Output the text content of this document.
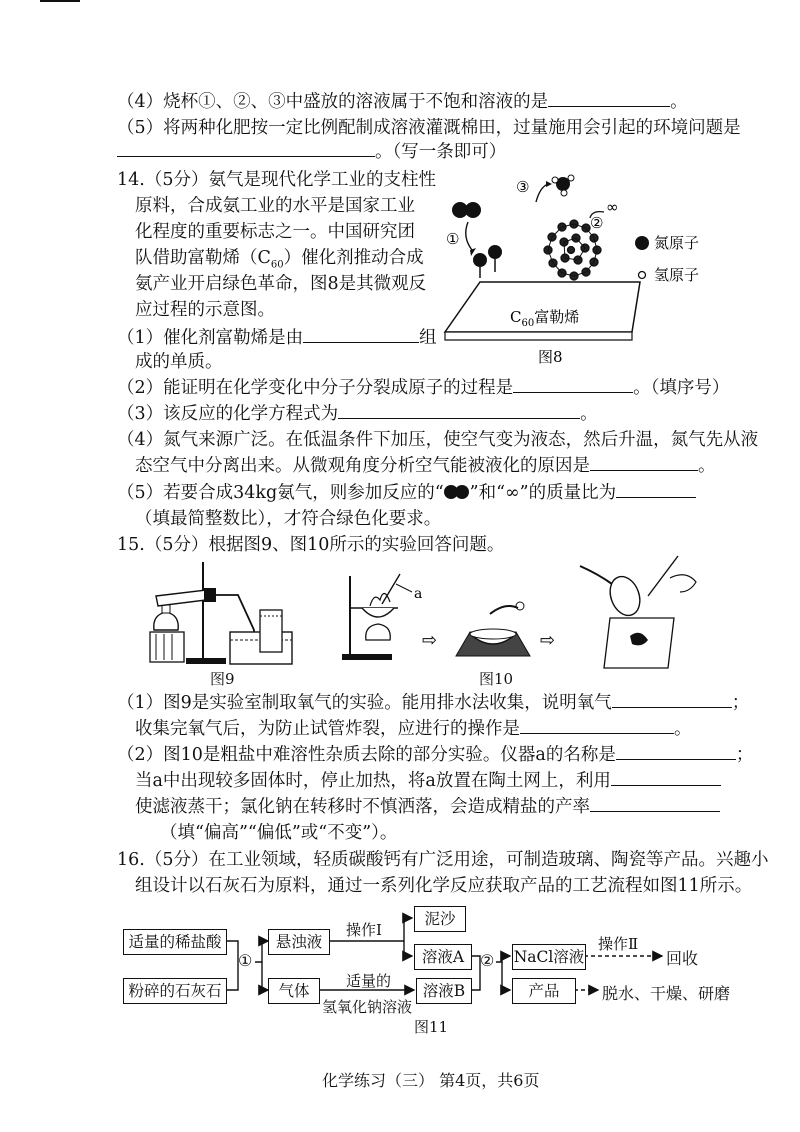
（4）烧杯①、②、③中盛放的溶液属于不饱和溶液的是	。
（5）将两种化肥按一定比例配制成溶液灌溉棉田，过量施用会引起的环境问题是
。（写一条即可）
14.（5分）氨气是现代化学工业的支柱性
原料，合成氨工业的水平是国家工业
化程度的重要标志之一。中国研究团
队借助富勒烯$(C_{60})$催化剂推动合成
氨产业开启绿色革命，图8是其微观反
应过程的示意图。
（1）催化剂富勒烯是由	组
成的单质。
①
③
∞
②
氮原子
氢原子
$C_{60}$富勒烯
图8
（2）能证明在化学变化中分子分裂成原子的过程是	。（填序号）
（3）该反应的化学方程式为	。
（4）氮气来源广泛。在低温条件下加压，使空气变为液态，然后升温，氮气先从液
态空气中分离出来。从微观角度分析空气能被液化的原因是	。
（5）若要合成34kg氨气，则参加反应的“ ”和“∞”的质量比为
（填最简整数比），才符合绿色化要求。
15.（5分）根据图9、图10所示的实验回答问题。
图9
a
⇨	⇨
图10
（1）图9是实验室制取氧气的实验。能用排水法收集，说明氧气	；
收集完氧气后，为防止试管炸裂，应进行的操作是	。
（2）图10是粗盐中难溶性杂质去除的部分实验。仪器a的名称是	；
当a中出现较多固体时，停止加热，将a放置在陶土网上，利用
使滤液蒸干；氯化钠在转移时不慎洒落，会造成精盐的产率
（填“偏高”“偏低”或“不变”）。
16.（5分）在工业领域，轻质碳酸钙有广泛用途，可制造玻璃、陶瓷等产品。兴趣小
组设计以石灰石为原料，通过一系列化学反应获取产品的工艺流程如图11所示。
适量的稀盐酸
粉碎的石灰石
①
悬浊液
气体
操作Ⅰ
泥沙
溶液A
适量的
氢氧化钠溶液
溶液B
② NaCl溶液
操作Ⅱ
回收
产品	脱水、干燥、研磨
图11
化学练习（三） 第4页，共6页
